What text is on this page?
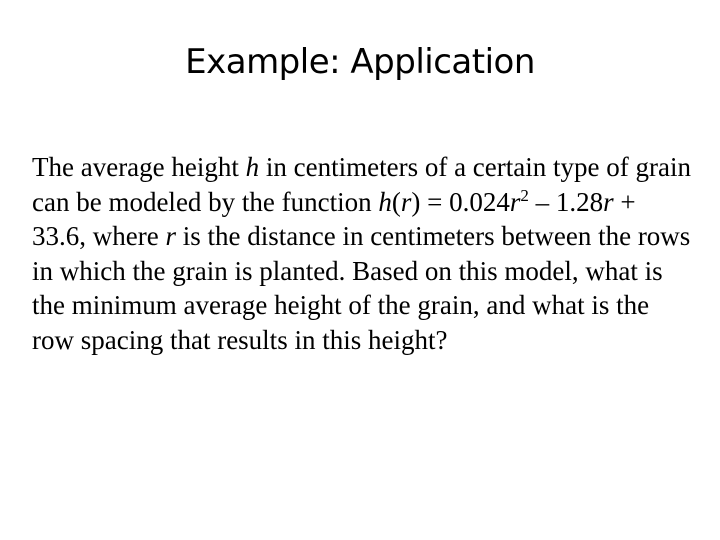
Example: Application

The average height h in centimeters of a certain type of grain can be modeled by the function $h(r) = 0.024r^2 - 1.28r + 33.6$, where r is the distance in centimeters between the rows in which the grain is planted. Based on this model, what is the minimum average height of the grain, and what is the row spacing that results in this height?
